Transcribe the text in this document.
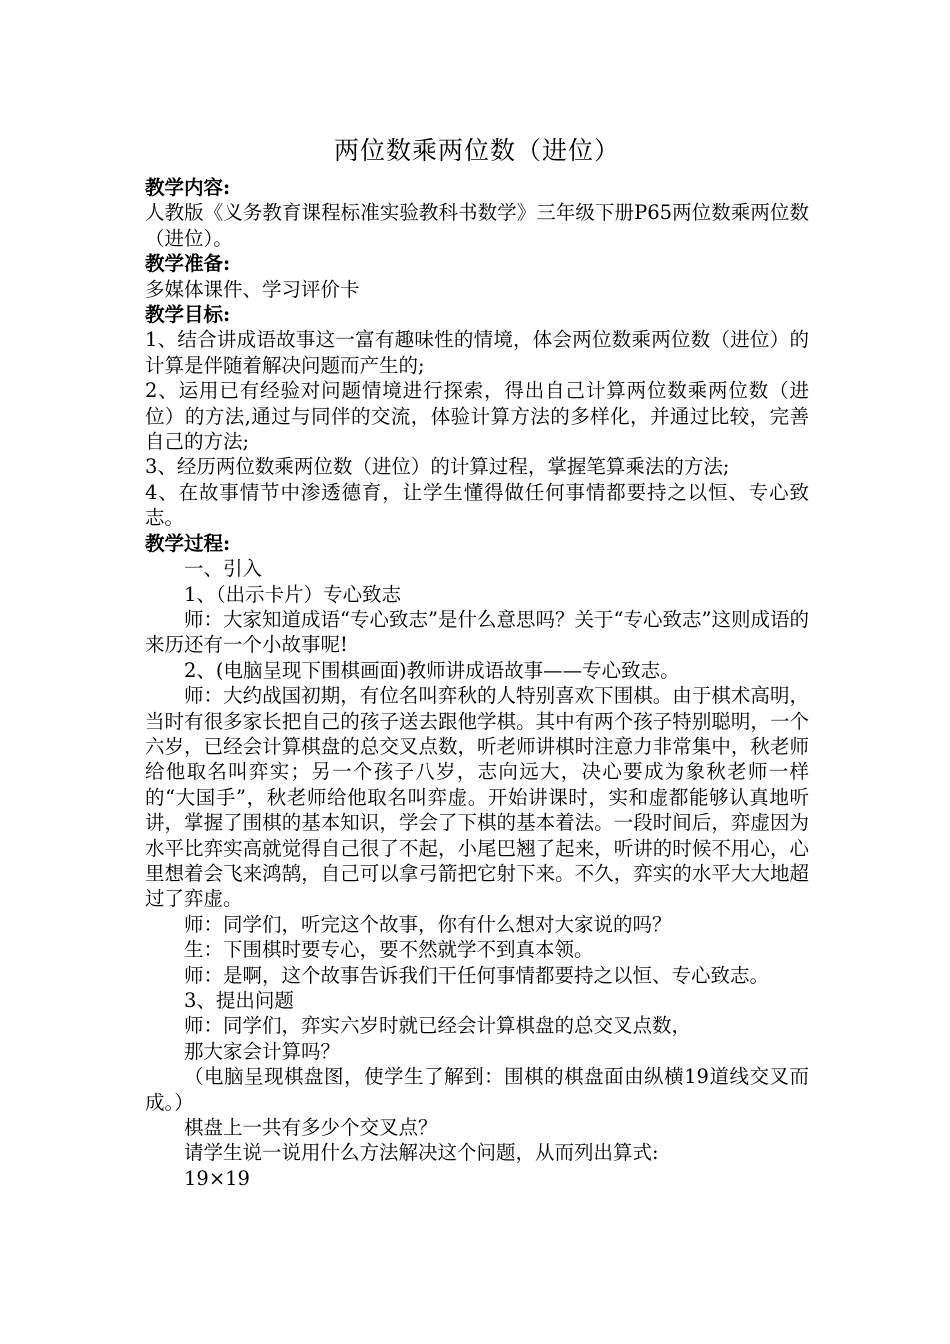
两位数乘两位数（进位）
教学内容:
人教版《义务教育课程标准实验教科书数学》三年级下册P65两位数乘两位数（进位）。
教学准备:
多媒体课件、学习评价卡
教学目标:
1、结合讲成语故事这一富有趣味性的情境，体会两位数乘两位数（进位）的计算是伴随着解决问题而产生的;
2、运用已有经验对问题情境进行探索，得出自己计算两位数乘两位数（进位）的方法,通过与同伴的交流，体验计算方法的多样化，并通过比较，完善自己的方法;
3、经历两位数乘两位数（进位）的计算过程，掌握笔算乘法的方法;
4、在故事情节中渗透德育，让学生懂得做任何事情都要持之以恒、专心致志。
教学过程:
一、引入
1、（出示卡片）专心致志
师：大家知道成语“专心致志”是什么意思吗？关于“专心致志”这则成语的来历还有一个小故事呢!
2、(电脑呈现下围棋画面)教师讲成语故事——专心致志。
师：大约战国初期，有位名叫弈秋的人特别喜欢下围棋。由于棋术高明，当时有很多家长把自己的孩子送去跟他学棋。其中有两个孩子特别聪明，一个六岁，已经会计算棋盘的总交叉点数，听老师讲棋时注意力非常集中，秋老师给他取名叫弈实；另一个孩子八岁，志向远大，决心要成为象秋老师一样的“大国手”，秋老师给他取名叫弈虚。开始讲课时，实和虚都能够认真地听讲，掌握了围棋的基本知识，学会了下棋的基本着法。一段时间后，弈虚因为水平比弈实高就觉得自己很了不起，小尾巴翘了起来，听讲的时候不用心，心里想着会飞来鸿鹄，自己可以拿弓箭把它射下来。不久，弈实的水平大大地超过了弈虚。
师：同学们，听完这个故事，你有什么想对大家说的吗？
生：下围棋时要专心，要不然就学不到真本领。
师：是啊，这个故事告诉我们干任何事情都要持之以恒、专心致志。
3、提出问题
师：同学们，弈实六岁时就已经会计算棋盘的总交叉点数，
那大家会计算吗？
（电脑呈现棋盘图，使学生了解到：围棋的棋盘面由纵横19道线交叉而成。）
棋盘上一共有多少个交叉点？
请学生说一说用什么方法解决这个问题，从而列出算式:
19×19
